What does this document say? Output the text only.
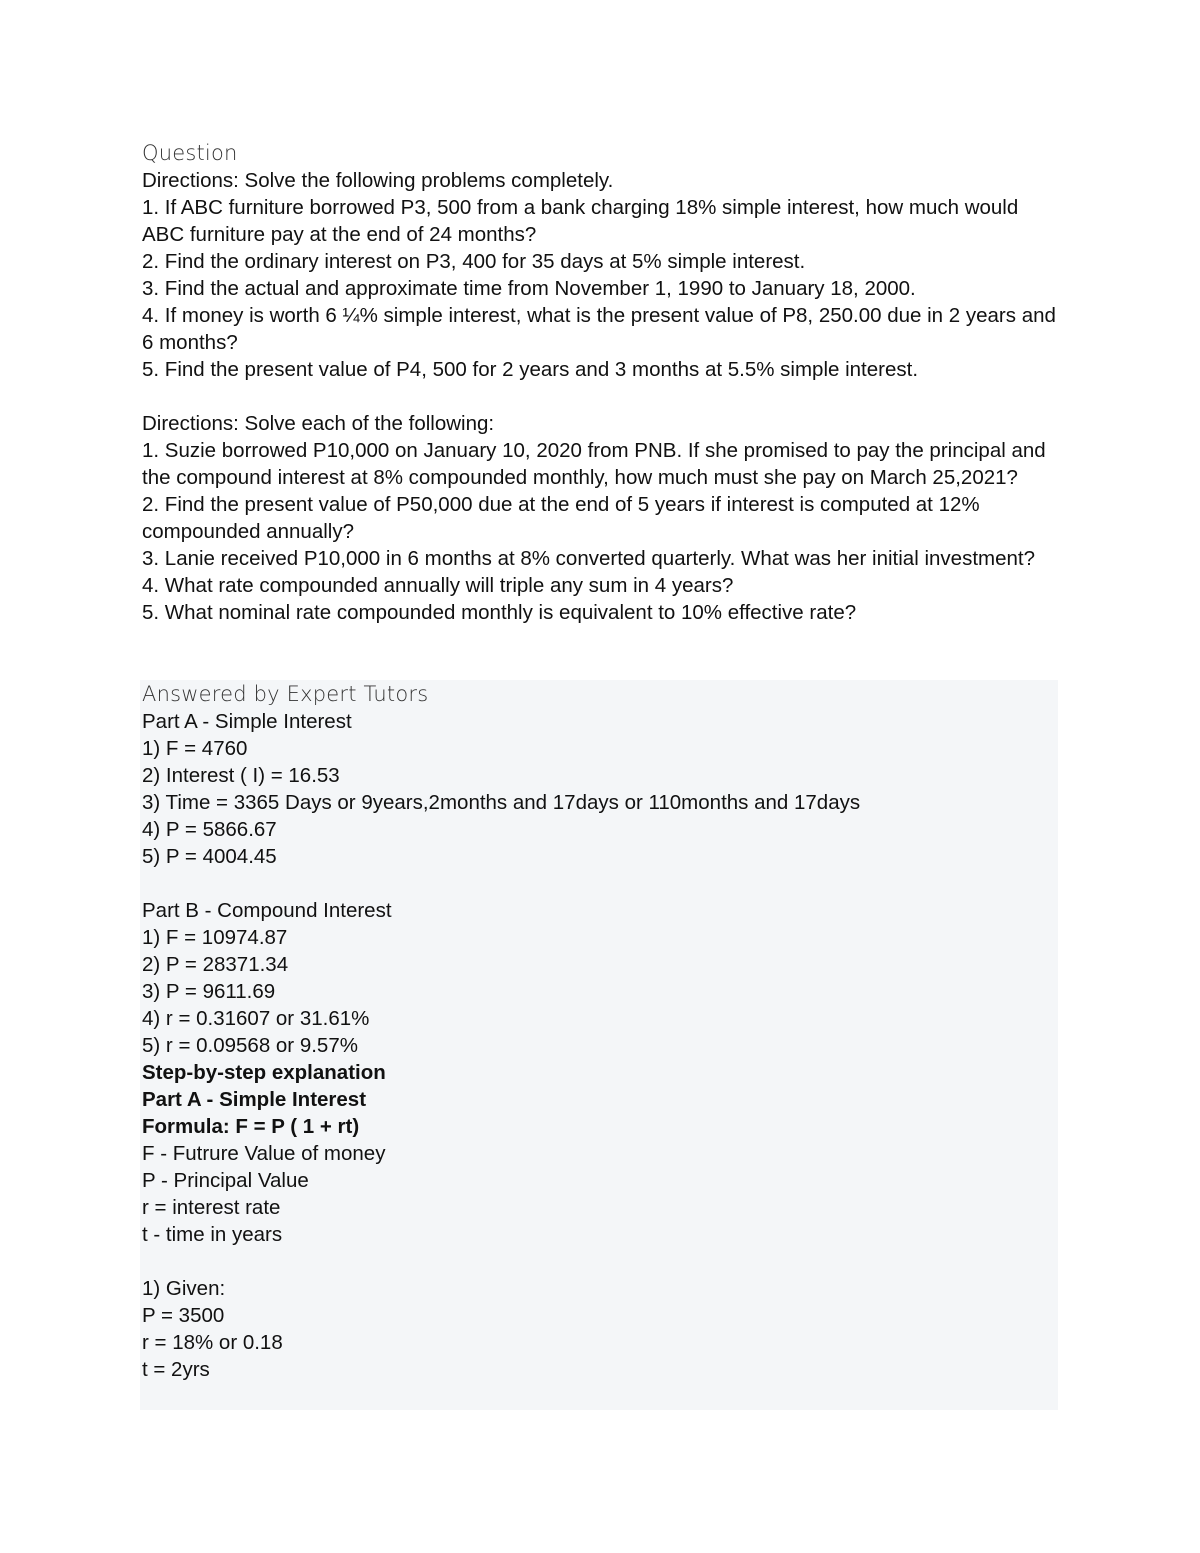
Question
Directions: Solve the following problems completely.
1. If ABC furniture borrowed P3, 500 from a bank charging 18% simple interest, how much would ABC furniture pay at the end of 24 months?
2. Find the ordinary interest on P3, 400 for 35 days at 5% simple interest.
3. Find the actual and approximate time from November 1, 1990 to January 18, 2000.
4. If money is worth 6 ¼% simple interest, what is the present value of P8, 250.00 due in 2 years and 6 months?
5. Find the present value of P4, 500 for 2 years and 3 months at 5.5% simple interest.
Directions: Solve each of the following:
1. Suzie borrowed P10,000 on January 10, 2020 from PNB. If she promised to pay the principal and the compound interest at 8% compounded monthly, how much must she pay on March 25,2021?
2. Find the present value of P50,000 due at the end of 5 years if interest is computed at 12% compounded annually?
3. Lanie received P10,000 in 6 months at 8% converted quarterly. What was her initial investment?
4. What rate compounded annually will triple any sum in 4 years?
5. What nominal rate compounded monthly is equivalent to 10% effective rate?
Answered by Expert Tutors
Part A - Simple Interest
1) F = 4760
2) Interest ( I) = 16.53
3) Time = 3365 Days or 9years,2months and 17days or 110months and 17days
4) P = 5866.67
5) P = 4004.45
Part B - Compound Interest
1) F = 10974.87
2) P = 28371.34
3) P = 9611.69
4) r = 0.31607 or 31.61%
5) r = 0.09568 or 9.57%
Step-by-step explanation
Part A - Simple Interest
Formula: F = P ( 1 + rt)
F - Futrure Value of money
P - Principal Value
r = interest rate
t - time in years
1) Given:
P = 3500
r = 18% or 0.18
t = 2yrs
